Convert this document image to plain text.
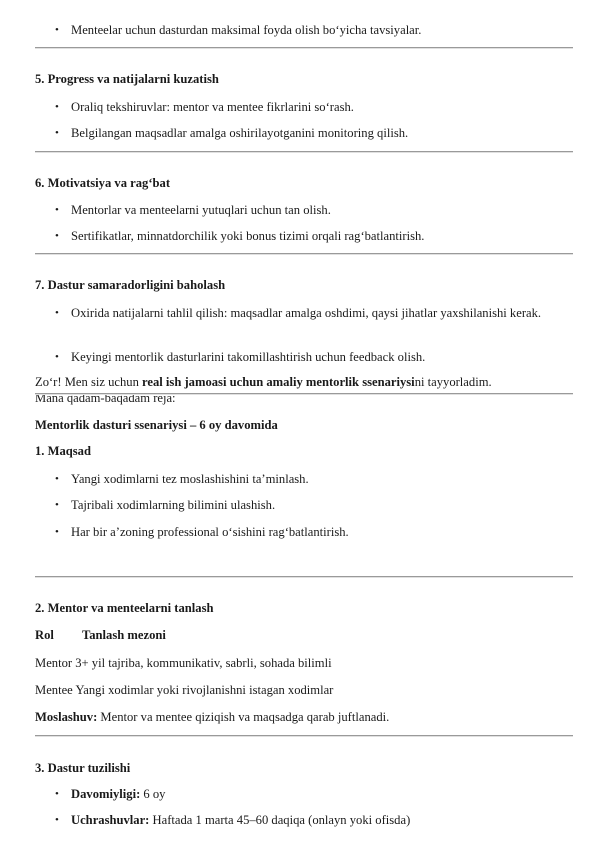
• Menteelar uchun dasturdan maksimal foyda olish bo‘yicha tavsiyalar.
5. Progress va natijalarni kuzatish
• Oraliq tekshiruvlar: mentor va mentee fikrlarini so‘rash.
• Belgilangan maqsadlar amalga oshirilayotganini monitoring qilish.
6. Motivatsiya va rag‘bat
• Mentorlar va menteelarni yutuqlari uchun tan olish.
• Sertifikatlar, minnatdorchilik yoki bonus tizimi orqali rag‘batlantirish.
7. Dastur samaradorligini baholash
• Oxirida natijalarni tahlil qilish: maqsadlar amalga oshdimi, qaysi jihatlar yaxshilanishi kerak.
• Keyingi mentorlik dasturlarini takomillashtirish uchun feedback olish.
Zo‘r! Men siz uchun real ish jamoasi uchun amaliy mentorlik ssenariysini tayyorladim.
Mana qadam-baqadam reja:
Mentorlik dasturi ssenariysi – 6 oy davomida
1. Maqsad
• Yangi xodimlarni tez moslashishini ta’minlash.
• Tajribali xodimlarning bilimini ulashish.
• Har bir a’zoning professional o‘sishini rag‘batlantirish.
2. Mentor va menteelarni tanlash
Rol Tanlash mezoni
Mentor 3+ yil tajriba, kommunikativ, sabrli, sohada bilimli
Mentee Yangi xodimlar yoki rivojlanishni istagan xodimlar
Moslashuv: Mentor va mentee qiziqish va maqsadga qarab juftlanadi.
3. Dastur tuzilishi
• Davomiyligi: 6 oy
• Uchrashuvlar: Haftada 1 marta 45–60 daqiqa (onlayn yoki ofisda)
